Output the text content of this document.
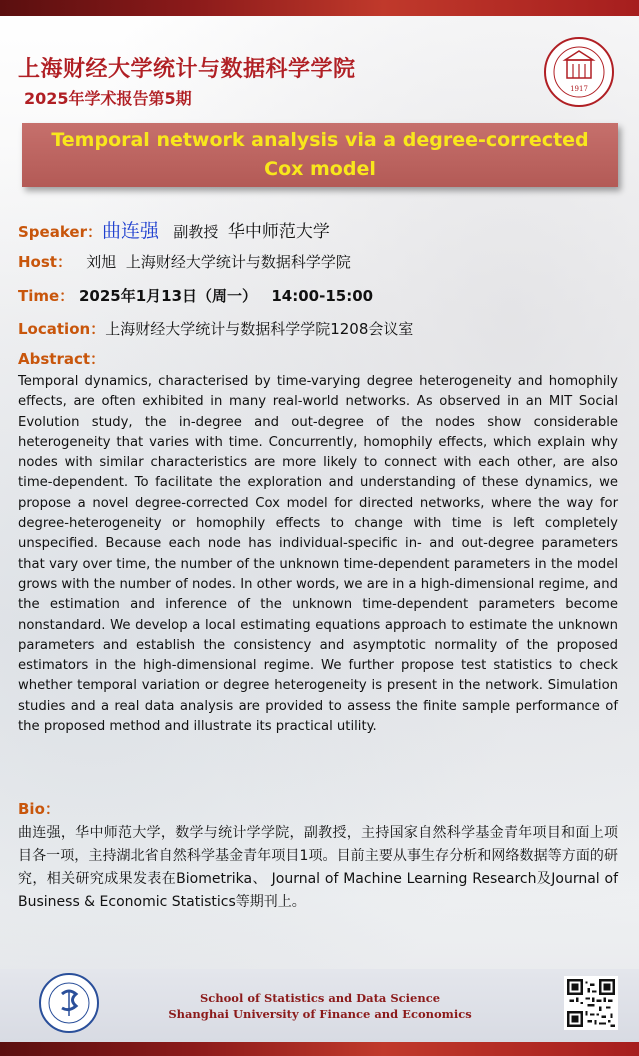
上海财经大学统计与数据科学学院
2025年学术报告第5期	1917
Temporal network analysis via a degree-corrected Cox model
Speaker：曲连强 副教授 华中师范大学
Host： 刘旭 上海财经大学统计与数据科学学院
Time： 2025年1月13日（周一） 14:00-15:00
Location：上海财经大学统计与数据科学学院1208会议室
Abstract：
Temporal dynamics, characterised by time-varying degree heterogeneity and homophily effects, are often exhibited in many real-world networks. As observed in an MIT Social Evolution study, the in-degree and out-degree of the nodes show considerable heterogeneity that varies with time. Concurrently, homophily effects, which explain why nodes with similar characteristics are more likely to connect with each other, are also time-dependent. To facilitate the exploration and understanding of these dynamics, we propose a novel degree-corrected Cox model for directed networks, where the way for degree-heterogeneity or homophily effects to change with time is left completely unspecified. Because each node has individual-specific in- and out-degree parameters that vary over time, the number of the unknown time-dependent parameters in the model grows with the number of nodes. In other words, we are in a high-dimensional regime, and the estimation and inference of the unknown time-dependent parameters become nonstandard. We develop a local estimating equations approach to estimate the unknown parameters and establish the consistency and asymptotic normality of the proposed estimators in the high-dimensional regime. We further propose test statistics to check whether temporal variation or degree heterogeneity is present in the network. Simulation studies and a real data analysis are provided to assess the finite sample performance of the proposed method and illustrate its practical utility.
Bio：
曲连强，华中师范大学，数学与统计学学院，副教授，主持国家自然科学基金青年项目和面上项目各一项，主持湖北省自然科学基金青年项目1项。目前主要从事生存分析和网络数据等方面的研究，相关研究成果发表在Biometrika、 Journal of Machine Learning Research及Journal of Business & Economic Statistics等期刊上。
School of Statistics and Data Science
Shanghai University of Finance and Economics
